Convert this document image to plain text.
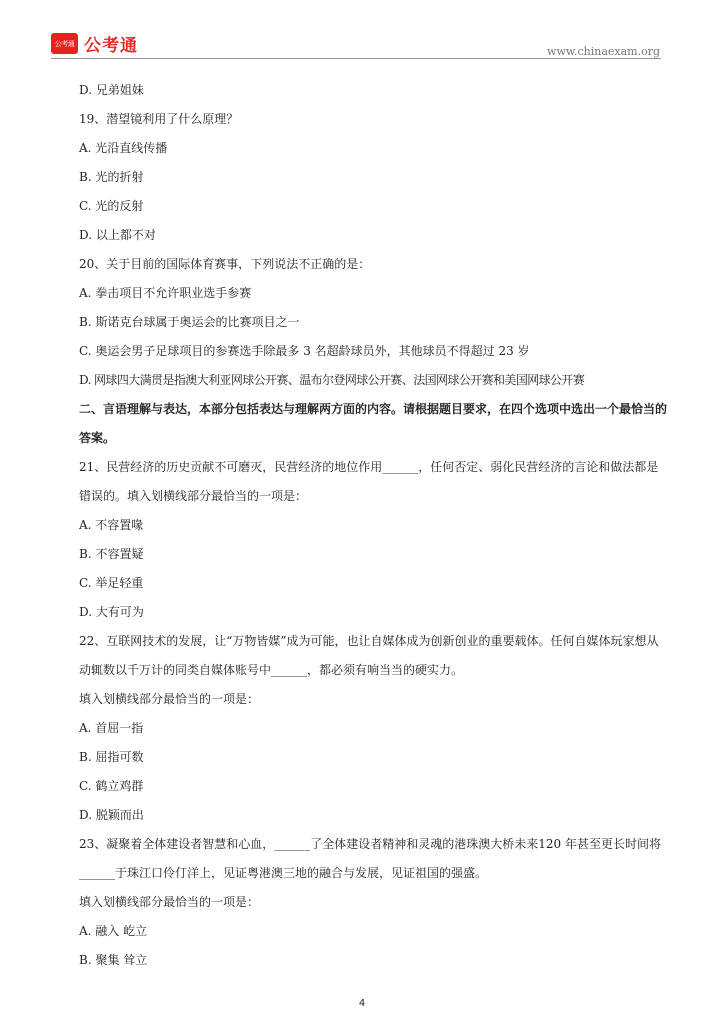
公考通 公考通	www.chinaexam.org
D. 兄弟姐妹
19、潜望镜利用了什么原理？
A. 光沿直线传播
B. 光的折射
C. 光的反射
D. 以上都不对
20、关于目前的国际体育赛事，下列说法不正确的是：
A. 拳击项目不允许职业选手参赛
B. 斯诺克台球属于奥运会的比赛项目之一
C. 奥运会男子足球项目的参赛选手除最多 3 名超龄球员外，其他球员不得超过 23 岁
D. 网球四大满贯是指澳大利亚网球公开赛、温布尔登网球公开赛、法国网球公开赛和美国网球公开赛
二、言语理解与表达，本部分包括表达与理解两方面的内容。请根据题目要求，在四个选项中选出一个最恰当的答案。
21、民营经济的历史贡献不可磨灭，民营经济的地位作用______，任何否定、弱化民营经济的言论和做法都是错误的。填入划横线部分最恰当的一项是：
A. 不容置喙
B. 不容置疑
C. 举足轻重
D. 大有可为
22、互联网技术的发展，让“万物皆媒”成为可能，也让自媒体成为创新创业的重要载体。任何自媒体玩家想从动辄数以千万计的同类自媒体账号中______，都必须有响当当的硬实力。
填入划横线部分最恰当的一项是：
A. 首屈一指
B. 屈指可数
C. 鹤立鸡群
D. 脱颖而出
23、凝聚着全体建设者智慧和心血，______了全体建设者精神和灵魂的港珠澳大桥未来120 年甚至更长时间将______于珠江口伶仃洋上，见证粤港澳三地的融合与发展，见证祖国的强盛。
填入划横线部分最恰当的一项是：
A. 融入 屹立
B. 聚集 耸立
4
